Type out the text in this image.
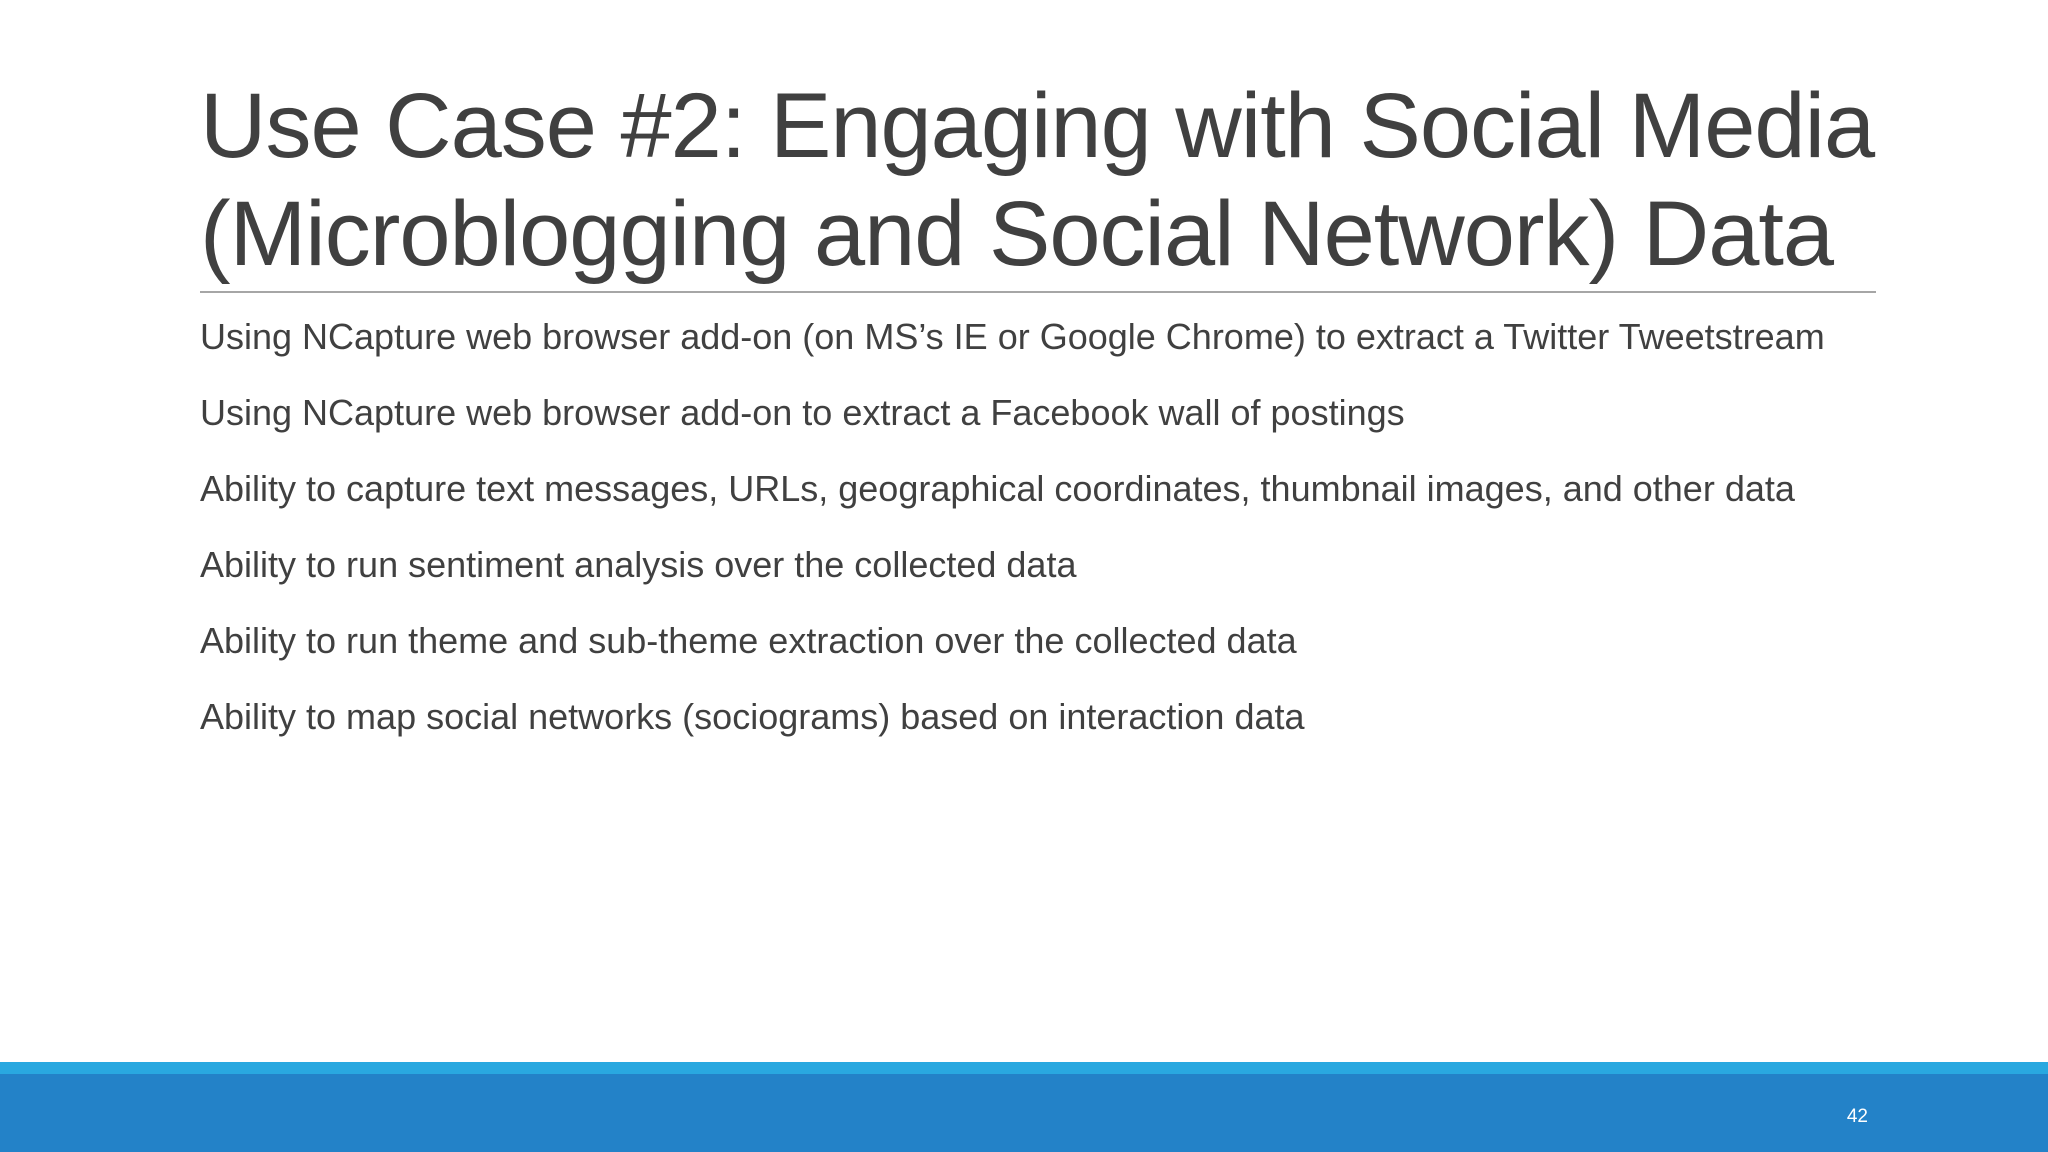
Use Case #2: Engaging with Social Media
(Microblogging and Social Network) Data
Using NCapture web browser add-on (on MS’s IE or Google Chrome) to extract a Twitter Tweetstream
Using NCapture web browser add-on to extract a Facebook wall of postings
Ability to capture text messages, URLs, geographical coordinates, thumbnail images, and other data
Ability to run sentiment analysis over the collected data
Ability to run theme and sub-theme extraction over the collected data
Ability to map social networks (sociograms) based on interaction data
42
